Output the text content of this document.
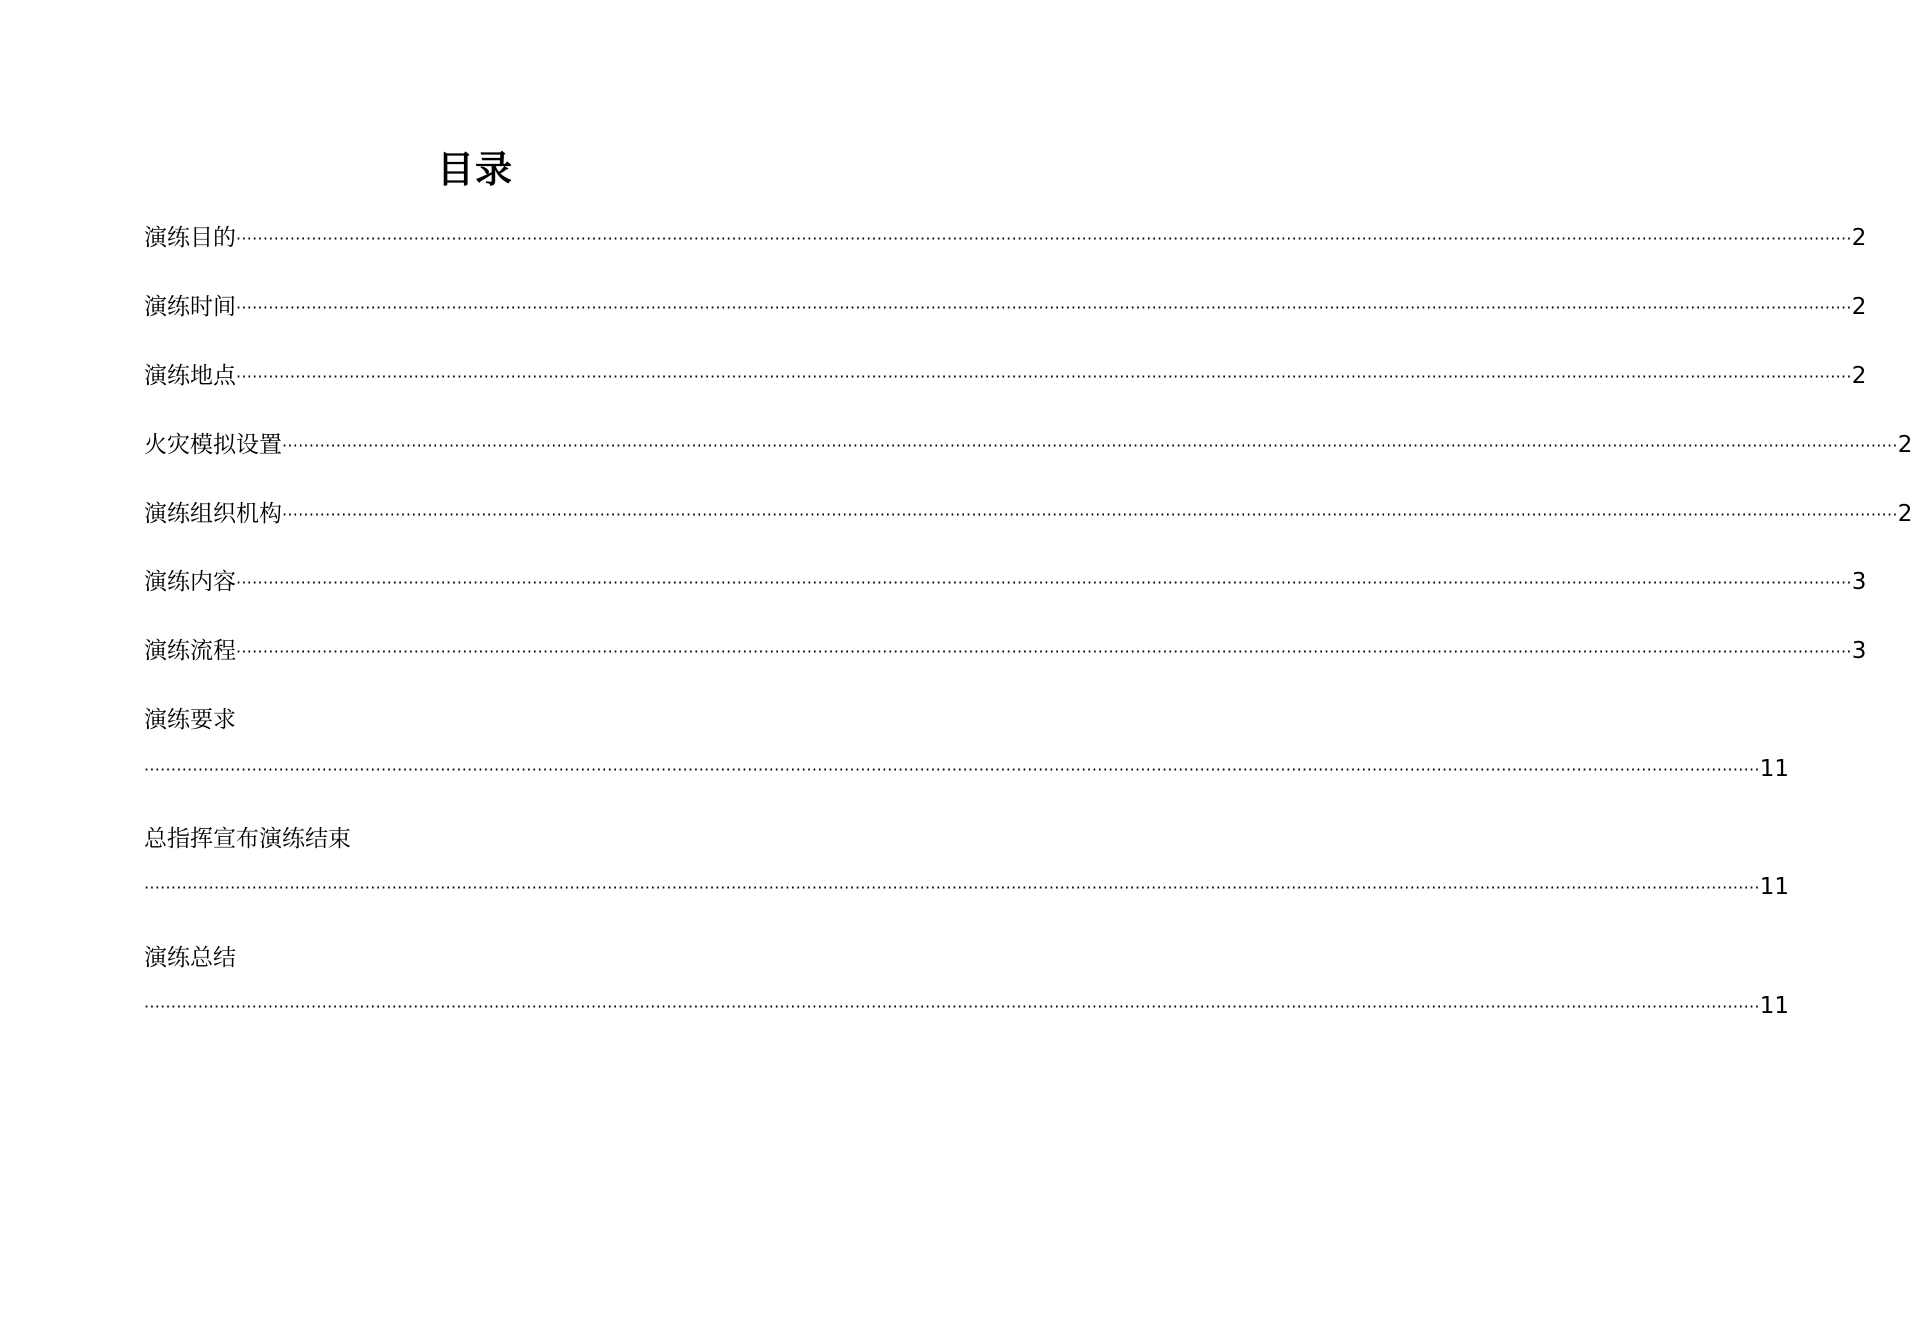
目录
演练目的 ············································································································································································································································································································ 2
演练时间 ············································································································································································································································································································ 2
演练地点 ············································································································································································································································································································ 2
火灾模拟设置 ············································································································································································································································································································ 2
演练组织机构 ············································································································································································································································································································ 2
演练内容 ············································································································································································································································································································ 3
演练流程 ············································································································································································································································································································ 3
演练要求
············································································································································································································································································································ 11
总指挥宣布演练结束
············································································································································································································································································································ 11
演练总结
············································································································································································································································································································ 11
